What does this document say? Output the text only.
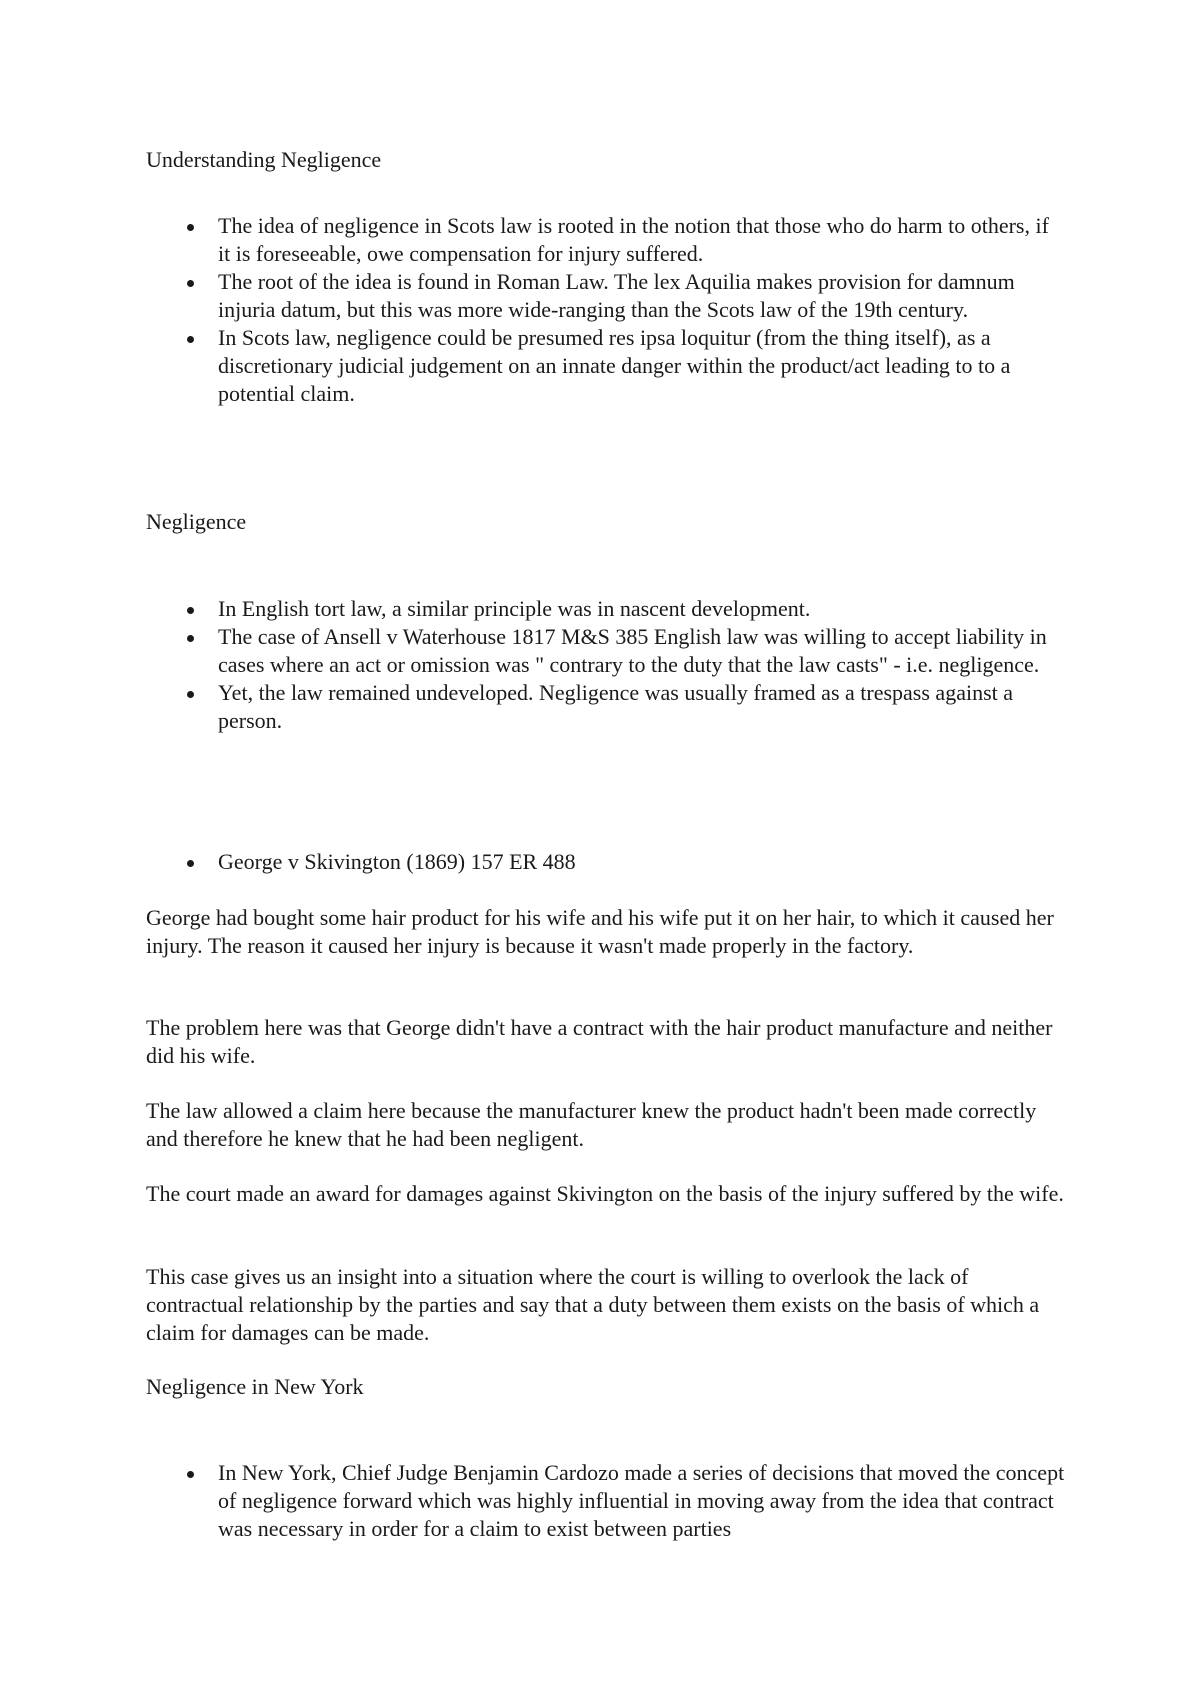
Understanding Negligence
The idea of negligence in Scots law is rooted in the notion that those who do harm to others, if it is foreseeable, owe compensation for injury suffered.
The root of the idea is found in Roman Law. The lex Aquilia makes provision for damnum injuria datum, but this was more wide-ranging than the Scots law of the 19th century.
In Scots law, negligence could be presumed res ipsa loquitur (from the thing itself), as a discretionary judicial judgement on an innate danger within the product/act leading to to a potential claim.
Negligence
In English tort law, a similar principle was in nascent development.
The case of Ansell v Waterhouse 1817 M&S 385 English law was willing to accept liability in cases where an act or omission was " contrary to the duty that the law casts" - i.e. negligence.
Yet, the law remained undeveloped. Negligence was usually framed as a trespass against a person.
George v Skivington (1869) 157 ER 488

George had bought some hair product for his wife and his wife put it on her hair, to which it caused her injury. The reason it caused her injury is because it wasn't made properly in the factory.

The problem here was that George didn't have a contract with the hair product manufacture and neither did his wife.

The law allowed a claim here because the manufacturer knew the product hadn't been made correctly and therefore he knew that he had been negligent.

The court made an award for damages against Skivington on the basis of the injury suffered by the wife.

This case gives us an insight into a situation where the court is willing to overlook the lack of contractual relationship by the parties and say that a duty between them exists on the basis of which a claim for damages can be made.

Negligence in New York
In New York, Chief Judge Benjamin Cardozo made a series of decisions that moved the concept of negligence forward which was highly influential in moving away from the idea that contract was necessary in order for a claim to exist between parties
